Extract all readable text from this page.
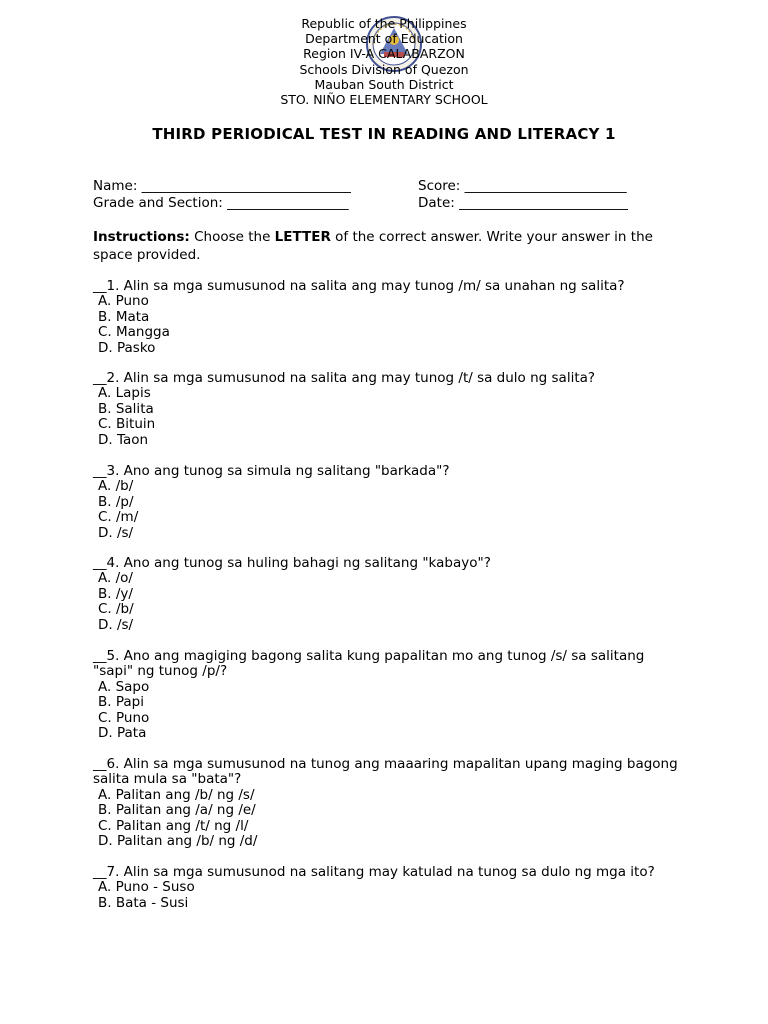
Republic of the Philippines
Department of Education
Region IV-A CALABARZON
Schools Division of Quezon
Mauban South District
STO. NIÑO ELEMENTARY SCHOOL
THIRD PERIODICAL TEST IN READING AND LITERACY 1
Name: _______________________________	Score: ________________________
Grade and Section: __________________	Date: _________________________
Instructions: Choose the LETTER of the correct answer. Write your answer in the space provided.
__1. Alin sa mga sumusunod na salita ang may tunog /m/ sa unahan ng salita?
A. Puno
B. Mata
C. Mangga
D. Pasko
__2. Alin sa mga sumusunod na salita ang may tunog /t/ sa dulo ng salita?
A. Lapis
B. Salita
C. Bituin
D. Taon
__3. Ano ang tunog sa simula ng salitang "barkada"?
A. /b/
B. /p/
C. /m/
D. /s/
__4. Ano ang tunog sa huling bahagi ng salitang "kabayo"?
A. /o/
B. /y/
C. /b/
D. /s/
__5. Ano ang magiging bagong salita kung papalitan mo ang tunog /s/ sa salitang "sapi" ng tunog /p/?
A. Sapo
B. Papi
C. Puno
D. Pata
__6. Alin sa mga sumusunod na tunog ang maaaring mapalitan upang maging bagong salita mula sa "bata"?
A. Palitan ang /b/ ng /s/
B. Palitan ang /a/ ng /e/
C. Palitan ang /t/ ng /l/
D. Palitan ang /b/ ng /d/
__7. Alin sa mga sumusunod na salitang may katulad na tunog sa dulo ng mga ito?
A. Puno - Suso
B. Bata - Susi
